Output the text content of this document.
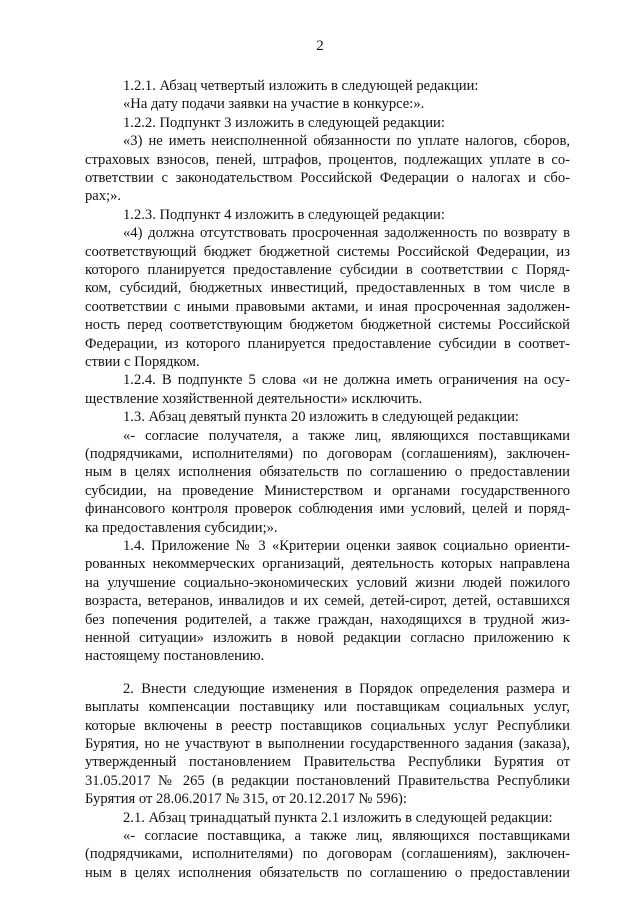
2
1.2.1. Абзац четвертый изложить в следующей редакции:
«На дату подачи заявки на участие в конкурсе:».
1.2.2. Подпункт 3 изложить в следующей редакции:
«3) не иметь неисполненной обязанности по уплате налогов, сборов,
страховых взносов, пеней, штрафов, процентов, подлежащих уплате в со-
ответствии с законодательством Российской Федерации о налогах и сбо-
рах;».
1.2.3. Подпункт 4 изложить в следующей редакции:
«4) должна отсутствовать просроченная задолженность по возврату в
соответствующий бюджет бюджетной системы Российской Федерации, из
которого планируется предоставление субсидии в соответствии с Поряд-
ком, субсидий, бюджетных инвестиций, предоставленных в том числе в
соответствии с иными правовыми актами, и иная просроченная задолжен-
ность перед соответствующим бюджетом бюджетной системы Российской
Федерации, из которого планируется предоставление субсидии в соответ-
ствии с Порядком.
1.2.4. В подпункте 5 слова «и не должна иметь ограничения на осу-
ществление хозяйственной деятельности» исключить.
1.3. Абзац девятый пункта 20 изложить в следующей редакции:
«- согласие получателя, а также лиц, являющихся поставщиками
(подрядчиками, исполнителями) по договорам (соглашениям), заключен-
ным в целях исполнения обязательств по соглашению о предоставлении
субсидии, на проведение Министерством и органами государственного
финансового контроля проверок соблюдения ими условий, целей и поряд-
ка предоставления субсидии;».
1.4. Приложение № 3 «Критерии оценки заявок социально ориенти-
рованных некоммерческих организаций, деятельность которых направлена
на улучшение социально-экономических условий жизни людей пожилого
возраста, ветеранов, инвалидов и их семей, детей-сирот, детей, оставшихся
без попечения родителей, а также граждан, находящихся в трудной жиз-
ненной ситуации» изложить в новой редакции согласно приложению к
настоящему постановлению.
2. Внести следующие изменения в Порядок определения размера и
выплаты компенсации поставщику или поставщикам социальных услуг,
которые включены в реестр поставщиков социальных услуг Республики
Бурятия, но не участвуют в выполнении государственного задания (заказа),
утвержденный постановлением Правительства Республики Бурятия от
31.05.2017 № 265 (в редакции постановлений Правительства Республики
Бурятия от 28.06.2017 № 315, от 20.12.2017 № 596):
2.1. Абзац тринадцатый пункта 2.1 изложить в следующей редакции:
«- согласие поставщика, а также лиц, являющихся поставщиками
(подрядчиками, исполнителями) по договорам (соглашениям), заключен-
ным в целях исполнения обязательств по соглашению о предоставлении
